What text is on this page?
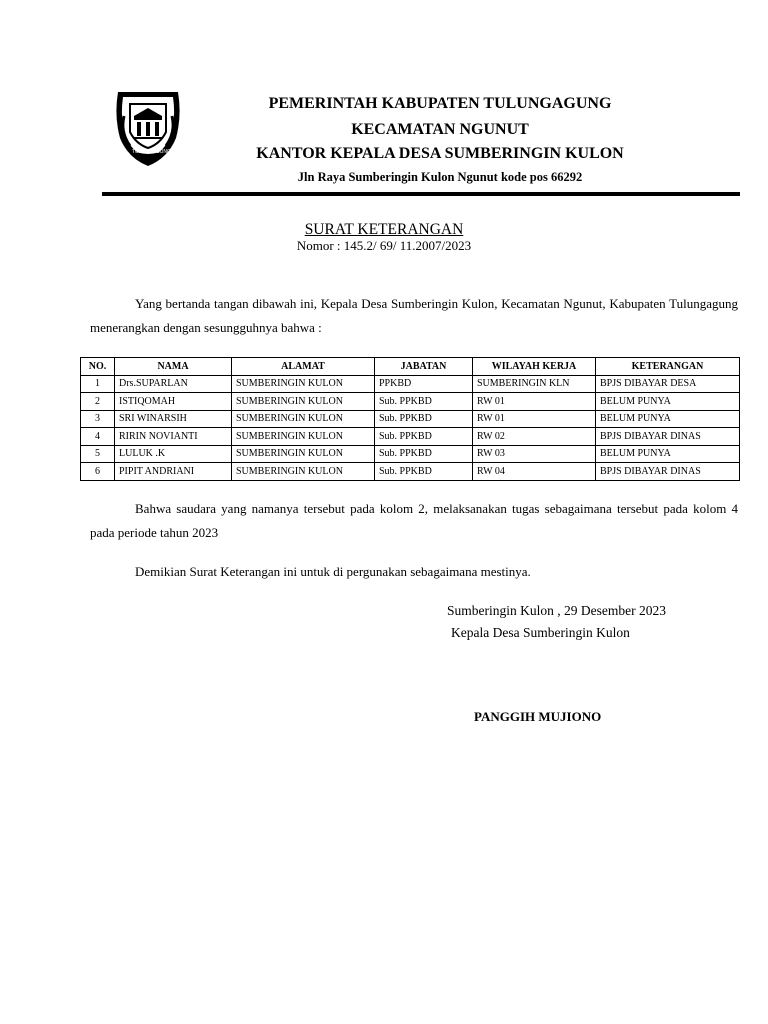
TULUNGAGUNG
PEMERINTAH KABUPATEN TULUNGAGUNG
KECAMATAN NGUNUT
KANTOR KEPALA DESA SUMBERINGIN KULON
Jln Raya Sumberingin Kulon Ngunut kode pos 66292
SURAT KETERANGAN
Nomor : 145.2/ 69/ 11.2007/2023
Yang bertanda tangan dibawah ini, Kepala Desa Sumberingin Kulon, Kecamatan Ngunut, Kabupaten Tulungagung menerangkan dengan sesungguhnya bahwa :
NO.	NAMA	ALAMAT	JABATAN	WILAYAH KERJA	KETERANGAN
1	Drs.SUPARLAN	SUMBERINGIN KULON	PPKBD	SUMBERINGIN KLN	BPJS DIBAYAR DESA
2	ISTIQOMAH	SUMBERINGIN KULON	Sub. PPKBD	RW 01	BELUM PUNYA
3	SRI WINARSIH	SUMBERINGIN KULON	Sub. PPKBD	RW 01	BELUM PUNYA
4	RIRIN NOVIANTI	SUMBERINGIN KULON	Sub. PPKBD	RW 02	BPJS DIBAYAR DINAS
5	LULUK .K	SUMBERINGIN KULON	Sub. PPKBD	RW 03	BELUM PUNYA
6	PIPIT ANDRIANI	SUMBERINGIN KULON	Sub. PPKBD	RW 04	BPJS DIBAYAR DINAS
Bahwa saudara yang namanya tersebut pada kolom 2, melaksanakan tugas sebagaimana tersebut pada kolom 4 pada periode tahun 2023
Demikian Surat Keterangan ini untuk di pergunakan sebagaimana mestinya.
Sumberingin Kulon , 29 Desember 2023
Kepala Desa Sumberingin Kulon
PANGGIH MUJIONO
